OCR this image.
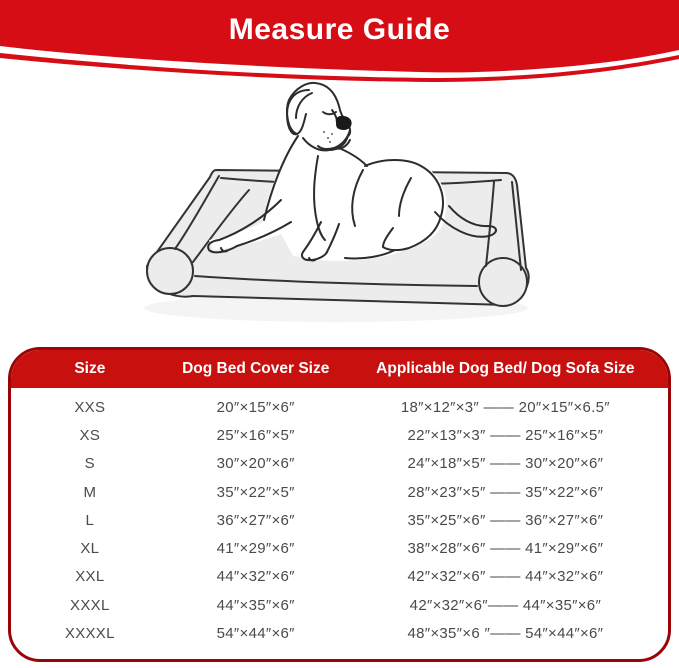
Measure Guide
Size	Dog Bed Cover Size	Applicable Dog Bed/ Dog Sofa Size
XXS	20″×15″×6″	18″×12″×3″ —— 20″×15″×6.5″
XS	25″×16″×5″	22″×13″×3″ —— 25″×16″×5″
S	30″×20″×6″	24″×18″×5″ —— 30″×20″×6″
M	35″×22″×5″	28″×23″×5″ —— 35″×22″×6″
L	36″×27″×6″	35″×25″×6″ —— 36″×27″×6″
XL	41″×29″×6″	38″×28″×6″ —— 41″×29″×6″
XXL	44″×32″×6″	42″×32″×6″ —— 44″×32″×6″
XXXL	44″×35″×6″	42″×32″×6″—— 44″×35″×6″
XXXXL	54″×44″×6″	48″×35″×6 ″—— 54″×44″×6″
